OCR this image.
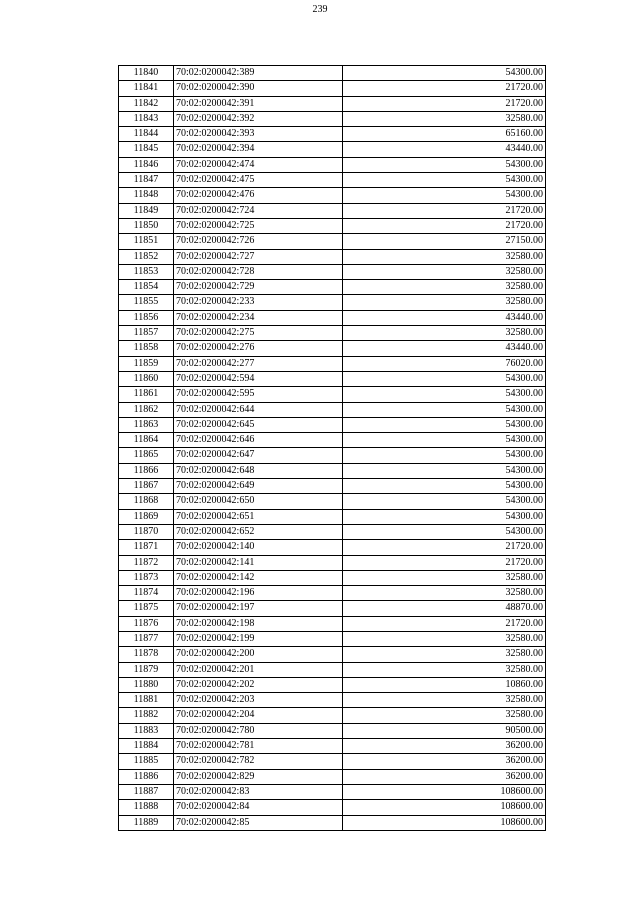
239
11840	70:02:0200042:389	54300.00
11841	70:02:0200042:390	21720.00
11842	70:02:0200042:391	21720.00
11843	70:02:0200042:392	32580.00
11844	70:02:0200042:393	65160.00
11845	70:02:0200042:394	43440.00
11846	70:02:0200042:474	54300.00
11847	70:02:0200042:475	54300.00
11848	70:02:0200042:476	54300.00
11849	70:02:0200042:724	21720.00
11850	70:02:0200042:725	21720.00
11851	70:02:0200042:726	27150.00
11852	70:02:0200042:727	32580.00
11853	70:02:0200042:728	32580.00
11854	70:02:0200042:729	32580.00
11855	70:02:0200042:233	32580.00
11856	70:02:0200042:234	43440.00
11857	70:02:0200042:275	32580.00
11858	70:02:0200042:276	43440.00
11859	70:02:0200042:277	76020.00
11860	70:02:0200042:594	54300.00
11861	70:02:0200042:595	54300.00
11862	70:02:0200042:644	54300.00
11863	70:02:0200042:645	54300.00
11864	70:02:0200042:646	54300.00
11865	70:02:0200042:647	54300.00
11866	70:02:0200042:648	54300.00
11867	70:02:0200042:649	54300.00
11868	70:02:0200042:650	54300.00
11869	70:02:0200042:651	54300.00
11870	70:02:0200042:652	54300.00
11871	70:02:0200042:140	21720.00
11872	70:02:0200042:141	21720.00
11873	70:02:0200042:142	32580.00
11874	70:02:0200042:196	32580.00
11875	70:02:0200042:197	48870.00
11876	70:02:0200042:198	21720.00
11877	70:02:0200042:199	32580.00
11878	70:02:0200042:200	32580.00
11879	70:02:0200042:201	32580.00
11880	70:02:0200042:202	10860.00
11881	70:02:0200042:203	32580.00
11882	70:02:0200042:204	32580.00
11883	70:02:0200042:780	90500.00
11884	70:02:0200042:781	36200.00
11885	70:02:0200042:782	36200.00
11886	70:02:0200042:829	36200.00
11887	70:02:0200042:83	108600.00
11888	70:02:0200042:84	108600.00
11889	70:02:0200042:85	108600.00
